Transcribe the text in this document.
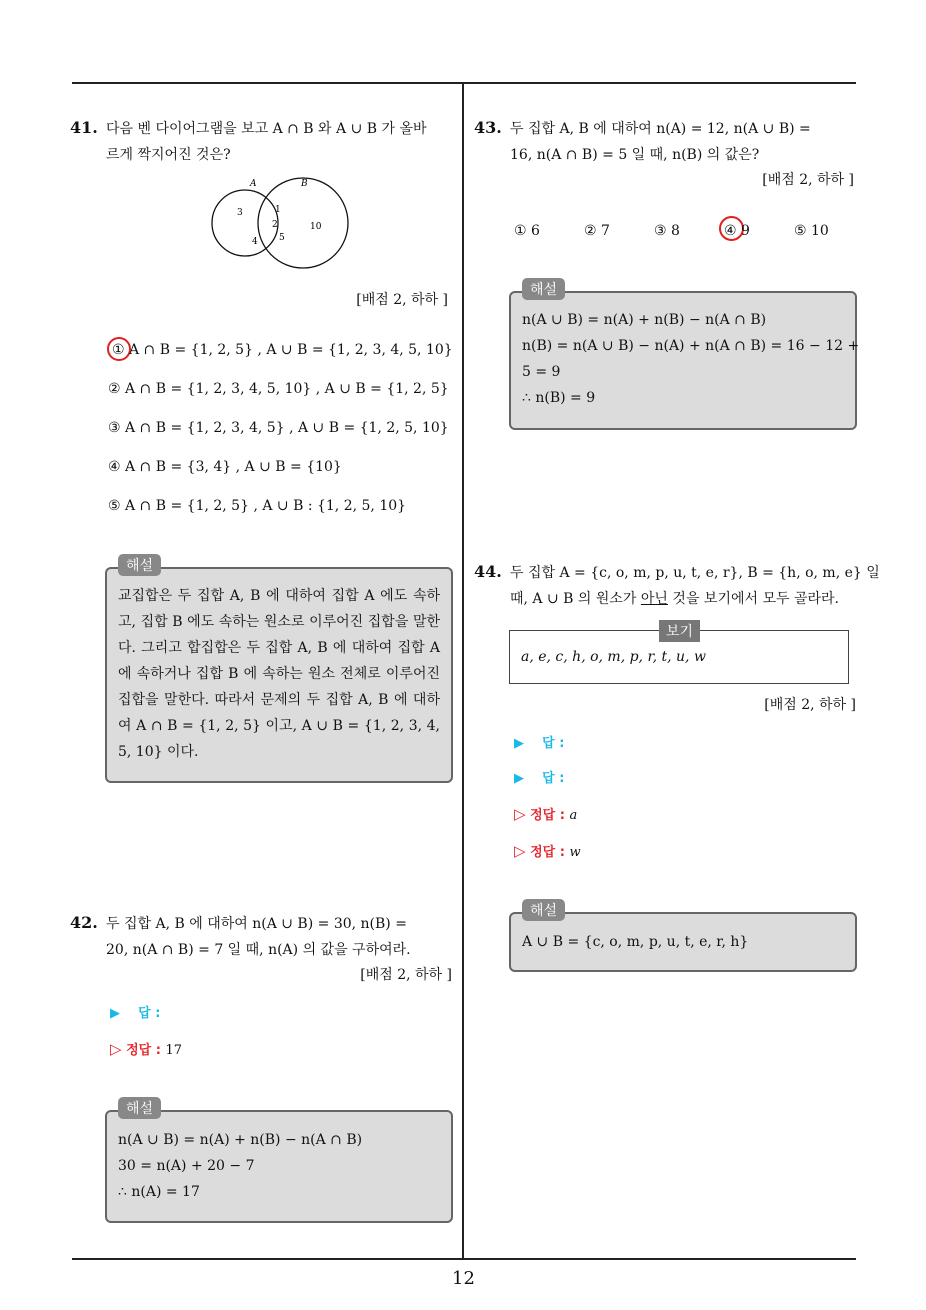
12
41. 다음 벤 다이어그램을 보고 A ∩ B 와 A ∪ B 가 올바
르게 짝지어진 것은?
A	B
3
4
1
2
5
10
[배점 2, 하하 ]
① A ∩ B = {1, 2, 5} , A ∪ B = {1, 2, 3, 4, 5, 10}
② A ∩ B = {1, 2, 3, 4, 5, 10} , A ∪ B = {1, 2, 5}
③ A ∩ B = {1, 2, 3, 4, 5} , A ∪ B = {1, 2, 5, 10}
④ A ∩ B = {3, 4} , A ∪ B = {10}
⑤ A ∩ B = {1, 2, 5} , A ∪ B : {1, 2, 5, 10}
해설
교집합은 두 집합 A, B 에 대하여 집합 A 에도 속하고, 집합 B 에도 속하는 원소로 이루어진 집합을 말한다. 그리고 합집합은 두 집합 A, B 에 대하여 집합 A 에 속하거나 집합 B 에 속하는 원소 전체로 이루어진 집합을 말한다. 따라서 문제의 두 집합 A, B 에 대하여 A ∩ B = {1, 2, 5} 이고, A ∪ B = {1, 2, 3, 4, 5, 10} 이다.
42. 두 집합 A, B 에 대하여 n(A ∪ B) = 30, n(B) =
20, n(A ∩ B) = 7 일 때, n(A) 의 값을 구하여라.
[배점 2, 하하 ]
▶ 답 :
▷ 정답 : 17
해설
n(A ∪ B) = n(A) + n(B) − n(A ∩ B)
30 = n(A) + 20 − 7
∴ n(A) = 17
43. 두 집합 A, B 에 대하여 n(A) = 12, n(A ∪ B) =
16, n(A ∩ B) = 5 일 때, n(B) 의 값은?
[배점 2, 하하 ]
① 6	② 7	③ 8	④ 9	⑤ 10
해설
n(A ∪ B) = n(A) + n(B) − n(A ∩ B)
n(B) = n(A ∪ B) − n(A) + n(A ∩ B) = 16 − 12 +
5 = 9
∴ n(B) = 9
44. 두 집합 A = {c, o, m, p, u, t, e, r}, B = {h, o, m, e} 일
때, A ∪ B 의 원소가 아닌 것을 보기에서 모두 골라라.
보기
a, e, c, h, o, m, p, r, t, u, w
[배점 2, 하하 ]
▶ 답 :
▶ 답 :
▷ 정답 : a
▷ 정답 : w
해설
A ∪ B = {c, o, m, p, u, t, e, r, h}
